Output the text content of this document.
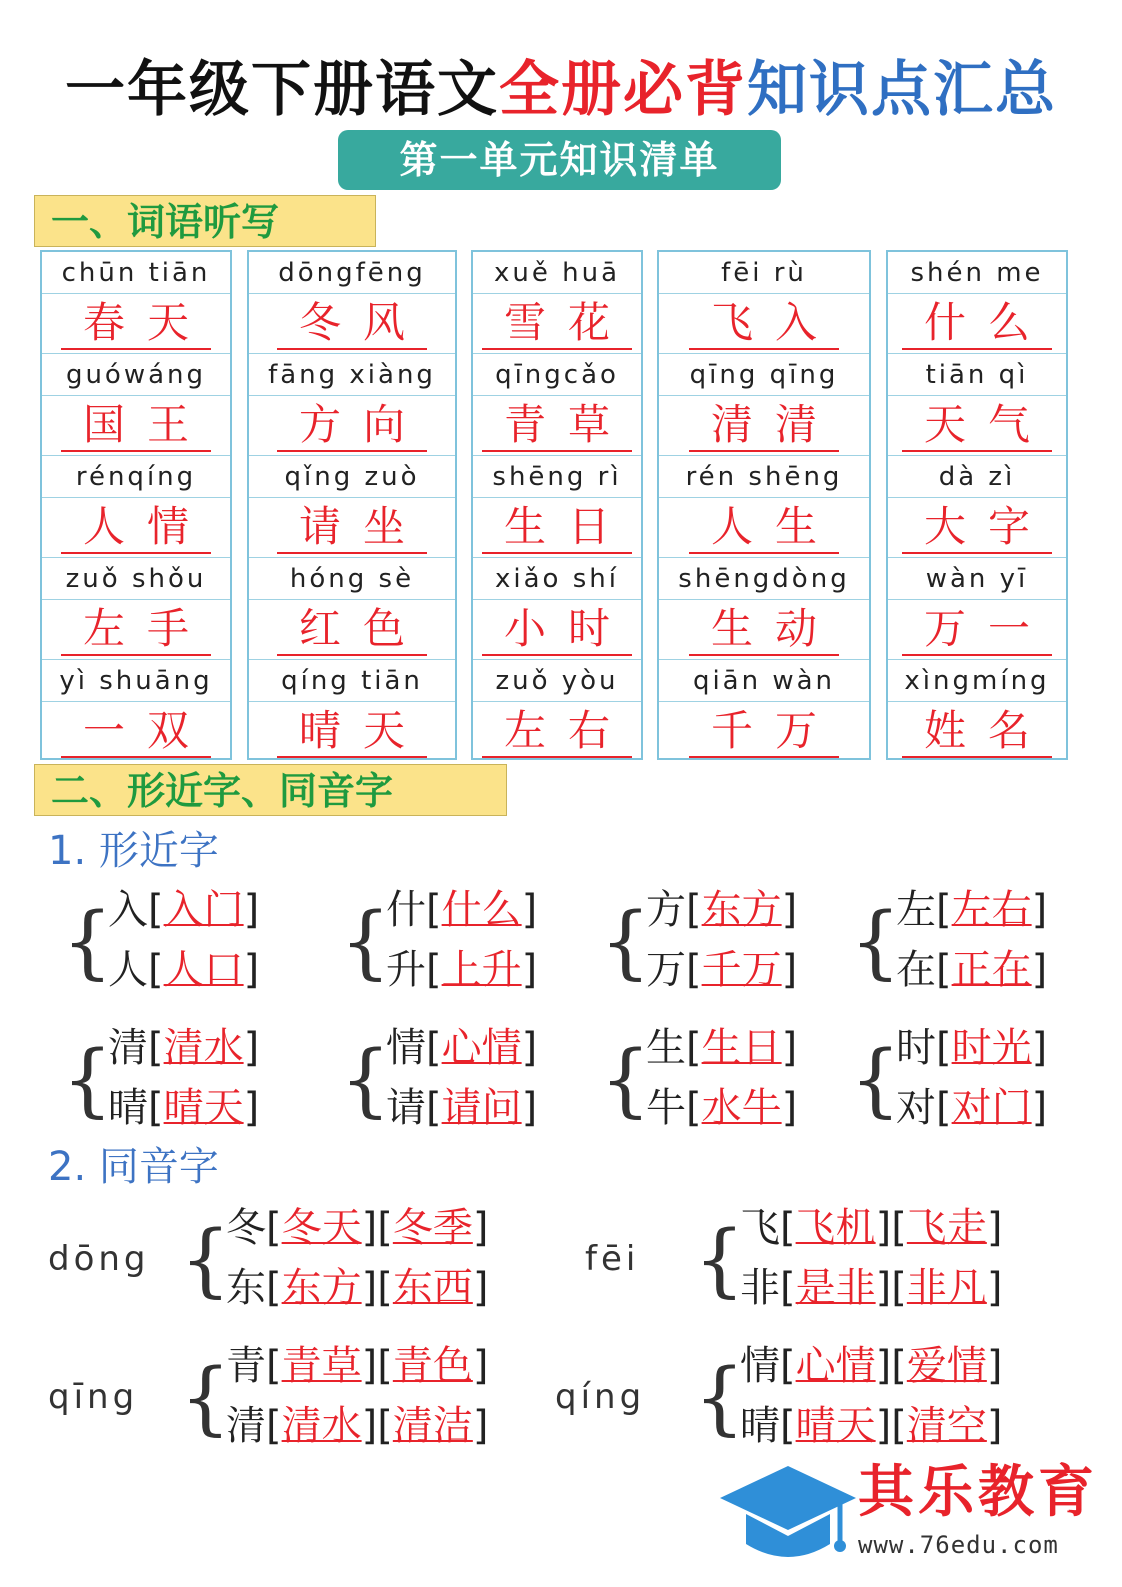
一年级下册语文全册必背知识点汇总
第一单元知识清单
一、词语听写
chūn tiān
春天
guówáng
国王
rénqíng
人情
zuǒ shǒu
左手
yì shuāng
一双
dōngfēng
冬风
fāng xiàng
方向
qǐng zuò
请坐
hóng sè
红色
qíng tiān
晴天
xuě huā
雪花
qīngcǎo
青草
shēng rì
生日
xiǎo shí
小时
zuǒ yòu
左右
fēi rù
飞入
qīng qīng
清清
rén shēng
人生
shēngdòng
生动
qiān wàn
千万
shén me
什么
tiān qì
天气
dà zì
大字
wàn yī
万一
xìngmíng
姓名
二、形近字、同音字
1. 形近字
{
入[入门]
人[人口] {
什[什么]
升[上升] {
方[东方]
万[千万] {
左[左右]
在[正在]
{
清[清水]
晴[晴天] {
情[心情]
请[请问] {
生[生日]
牛[水牛] {
时[时光]
对[对门]
2. 同音字
dōng {
冬[冬天][冬季]
东[东方][东西]
fēi {
飞[飞机][飞走]
非[是非][非凡]
qīng {
青[青草][青色]
清[清水][清洁]
qíng {
情[心情][爱情]
晴[晴天][清空]
其乐教育
www.76edu.com
